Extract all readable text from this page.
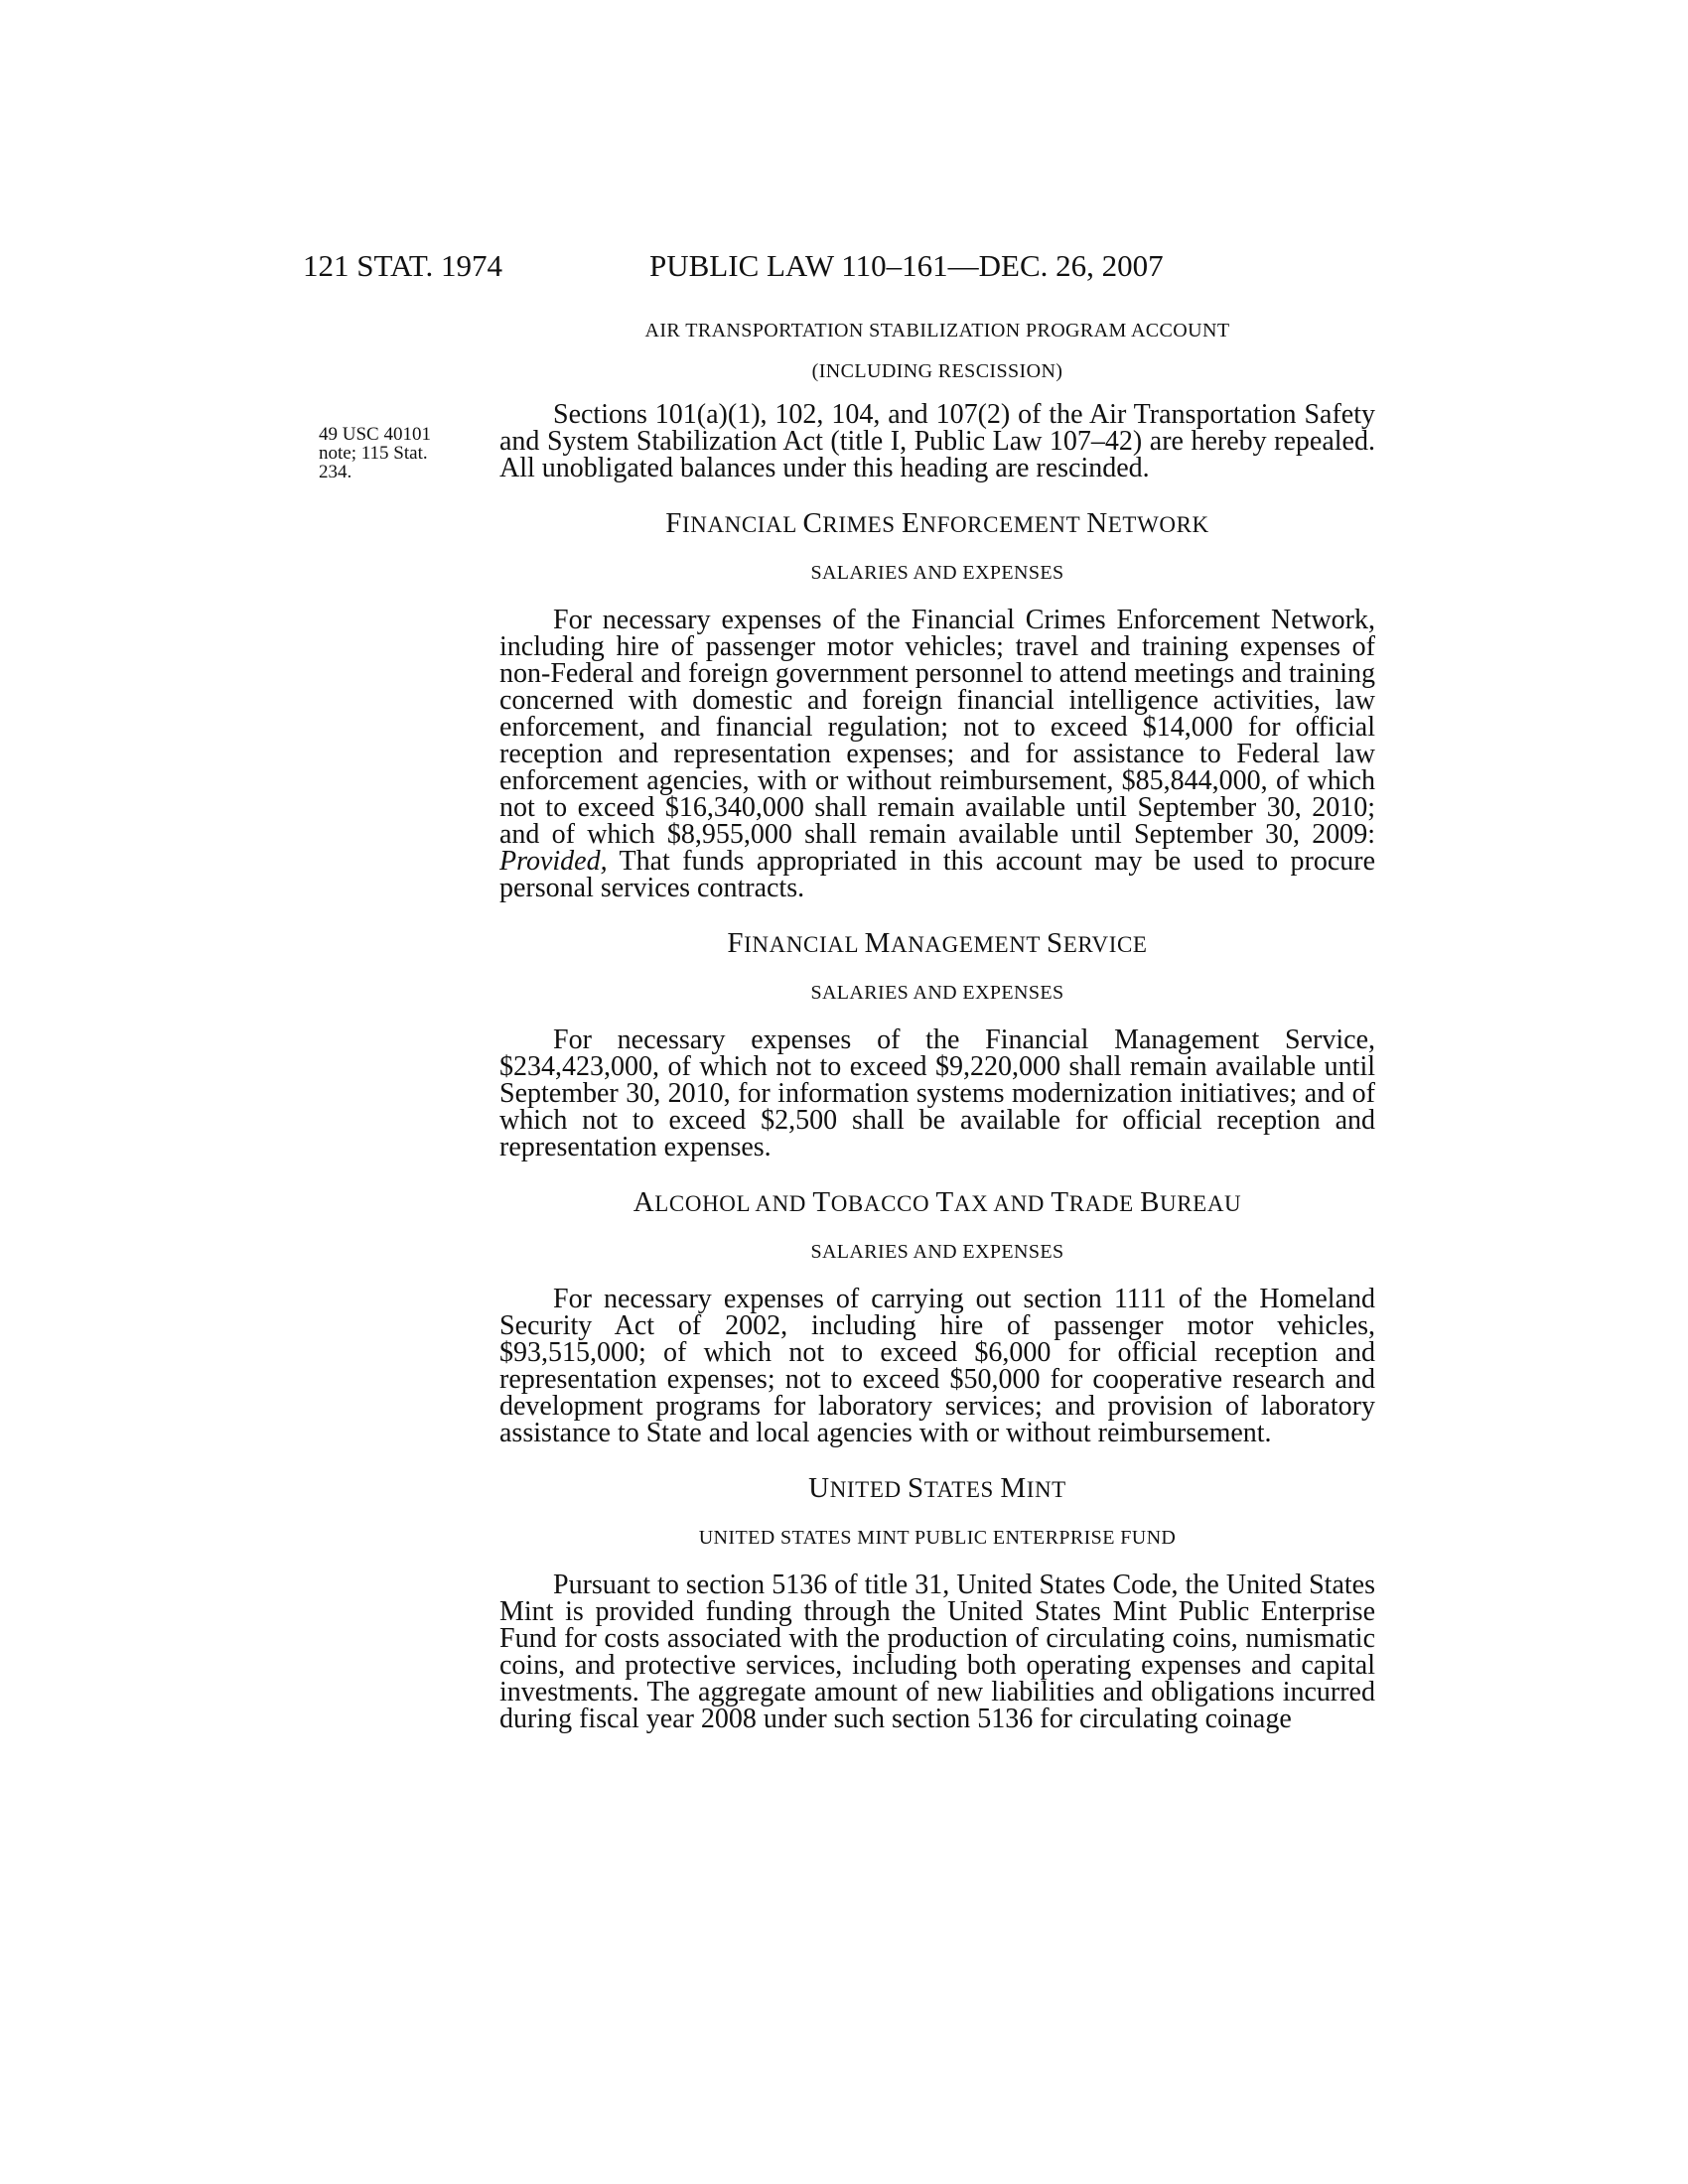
121 STAT. 1974	PUBLIC LAW 110–161—DEC. 26, 2007
49 USC 40101 note; 115 Stat. 234.
AIR TRANSPORTATION STABILIZATION PROGRAM ACCOUNT
(INCLUDING RESCISSION)

Sections 101(a)(1), 102, 104, and 107(2) of the Air Transportation Safety and System Stabilization Act (title I, Public Law 107–42) are hereby repealed. All unobligated balances under this heading are rescinded.

FINANCIAL CRIMES ENFORCEMENT NETWORK
SALARIES AND EXPENSES

For necessary expenses of the Financial Crimes Enforcement Network, including hire of passenger motor vehicles; travel and training expenses of non-Federal and foreign government personnel to attend meetings and training concerned with domestic and foreign financial intelligence activities, law enforcement, and financial regulation; not to exceed $14,000 for official reception and representation expenses; and for assistance to Federal law enforcement agencies, with or without reimbursement, $85,844,000, of which not to exceed $16,340,000 shall remain available until September 30, 2010; and of which $8,955,000 shall remain available until September 30, 2009: Provided, That funds appropriated in this account may be used to procure personal services contracts.

FINANCIAL MANAGEMENT SERVICE
SALARIES AND EXPENSES

For necessary expenses of the Financial Management Service, $234,423,000, of which not to exceed $9,220,000 shall remain available until September 30, 2010, for information systems modernization initiatives; and of which not to exceed $2,500 shall be available for official reception and representation expenses.

ALCOHOL AND TOBACCO TAX AND TRADE BUREAU
SALARIES AND EXPENSES

For necessary expenses of carrying out section 1111 of the Homeland Security Act of 2002, including hire of passenger motor vehicles, $93,515,000; of which not to exceed $6,000 for official reception and representation expenses; not to exceed $50,000 for cooperative research and development programs for laboratory services; and provision of laboratory assistance to State and local agencies with or without reimbursement.

UNITED STATES MINT
UNITED STATES MINT PUBLIC ENTERPRISE FUND

Pursuant to section 5136 of title 31, United States Code, the United States Mint is provided funding through the United States Mint Public Enterprise Fund for costs associated with the production of circulating coins, numismatic coins, and protective services, including both operating expenses and capital investments. The aggregate amount of new liabilities and obligations incurred during fiscal year 2008 under such section 5136 for circulating coinage
